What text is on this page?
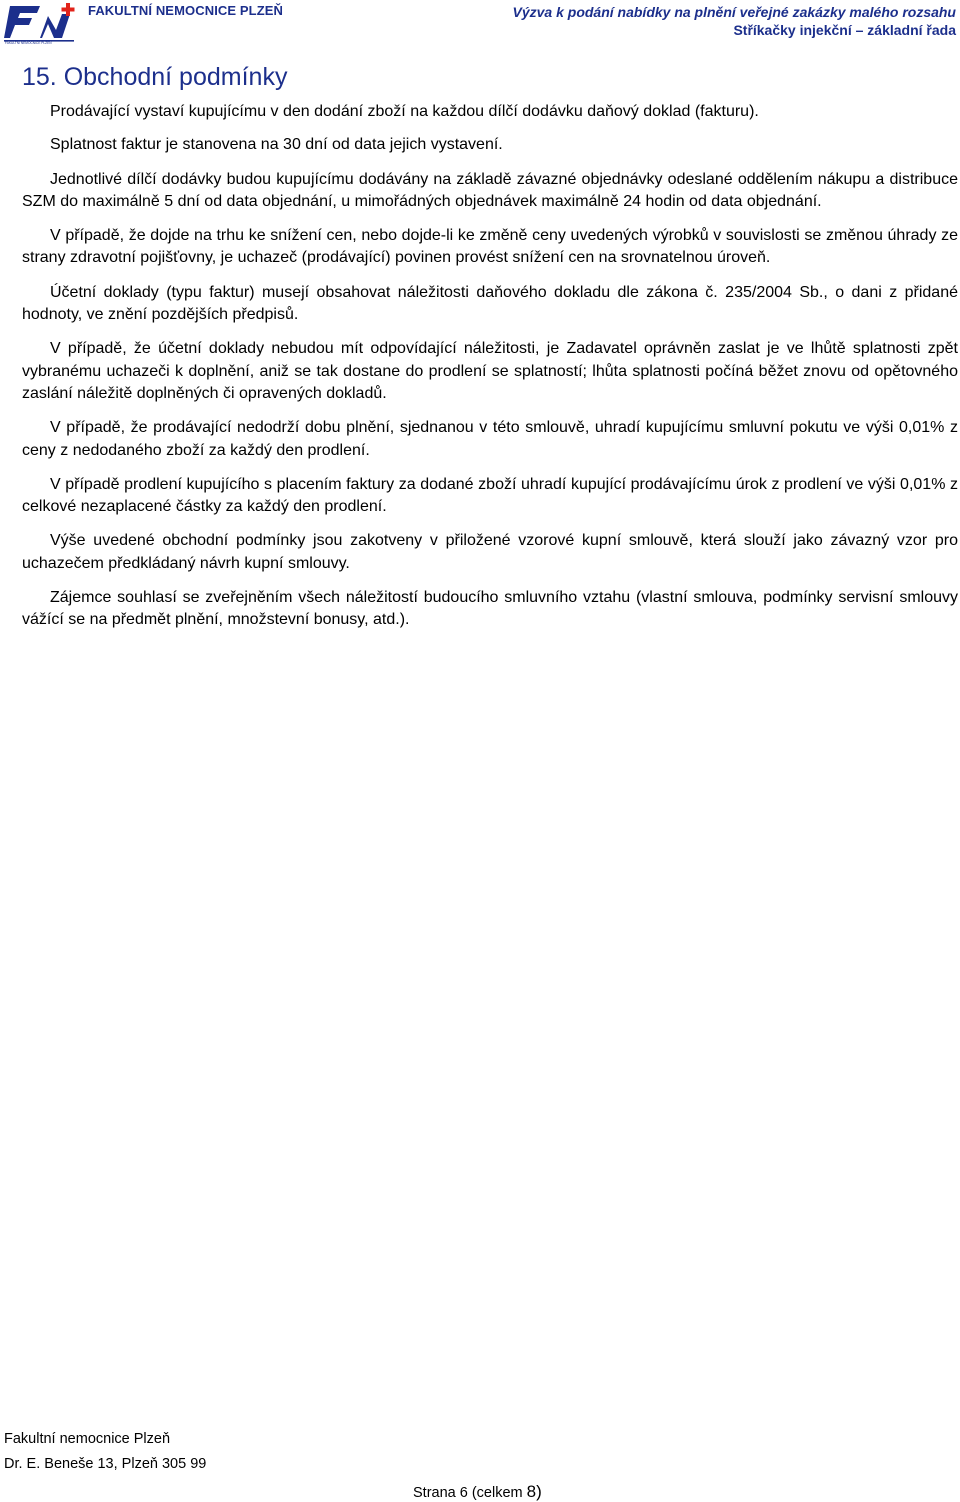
FAKULTNÍ NEMOCNICE PLZEŇ
FAKULTNÍ NEMOCNICE PLZEŇ	Výzva k podání nabídky na plnění veřejné zakázky malého rozsahu
Stříkačky injekční – základní řada
15. Obchodní podmínky

Prodávající vystaví kupujícímu v den dodání zboží na každou dílčí dodávku daňový doklad (fakturu).

Splatnost faktur je stanovena na 30 dní od data jejich vystavení.

Jednotlivé dílčí dodávky budou kupujícímu dodávány na základě závazné objednávky odeslané oddělením nákupu a distribuce SZM do maximálně 5 dní od data objednání, u mimořádných objednávek maximálně 24 hodin od data objednání.

V případě, že dojde na trhu ke snížení cen, nebo dojde-li ke změně ceny uvedených výrobků v souvislosti se změnou úhrady ze strany zdravotní pojišťovny, je uchazeč (prodávající) povinen provést snížení cen na srovnatelnou úroveň.

Účetní doklady (typu faktur) musejí obsahovat náležitosti daňového dokladu dle zákona č. 235/2004 Sb., o dani z přidané hodnoty, ve znění pozdějších předpisů.

V případě, že účetní doklady nebudou mít odpovídající náležitosti, je Zadavatel oprávněn zaslat je ve lhůtě splatnosti zpět vybranému uchazeči k doplnění, aniž se tak dostane do prodlení se splatností; lhůta splatnosti počíná běžet znovu od opětovného zaslání náležitě doplněných či opravených dokladů.

V případě, že prodávající nedodrží dobu plnění, sjednanou v této smlouvě, uhradí kupujícímu smluvní pokutu ve výši 0,01% z ceny z nedodaného zboží za každý den prodlení.

V případě prodlení kupujícího s placením faktury za dodané zboží uhradí kupující prodávajícímu úrok z prodlení ve výši 0,01% z celkové nezaplacené částky za každý den prodlení.

Výše uvedené obchodní podmínky jsou zakotveny v přiložené vzorové kupní smlouvě, která slouží jako závazný vzor pro uchazečem předkládaný návrh kupní smlouvy.

Zájemce souhlasí se zveřejněním všech náležitostí budoucího smluvního vztahu (vlastní smlouva, podmínky servisní smlouvy vážící se na předmět plnění, množstevní bonusy, atd.).

Fakultní nemocnice Plzeň
Dr. E. Beneše 13, Plzeň 305 99
Strana 6 (celkem 8)
